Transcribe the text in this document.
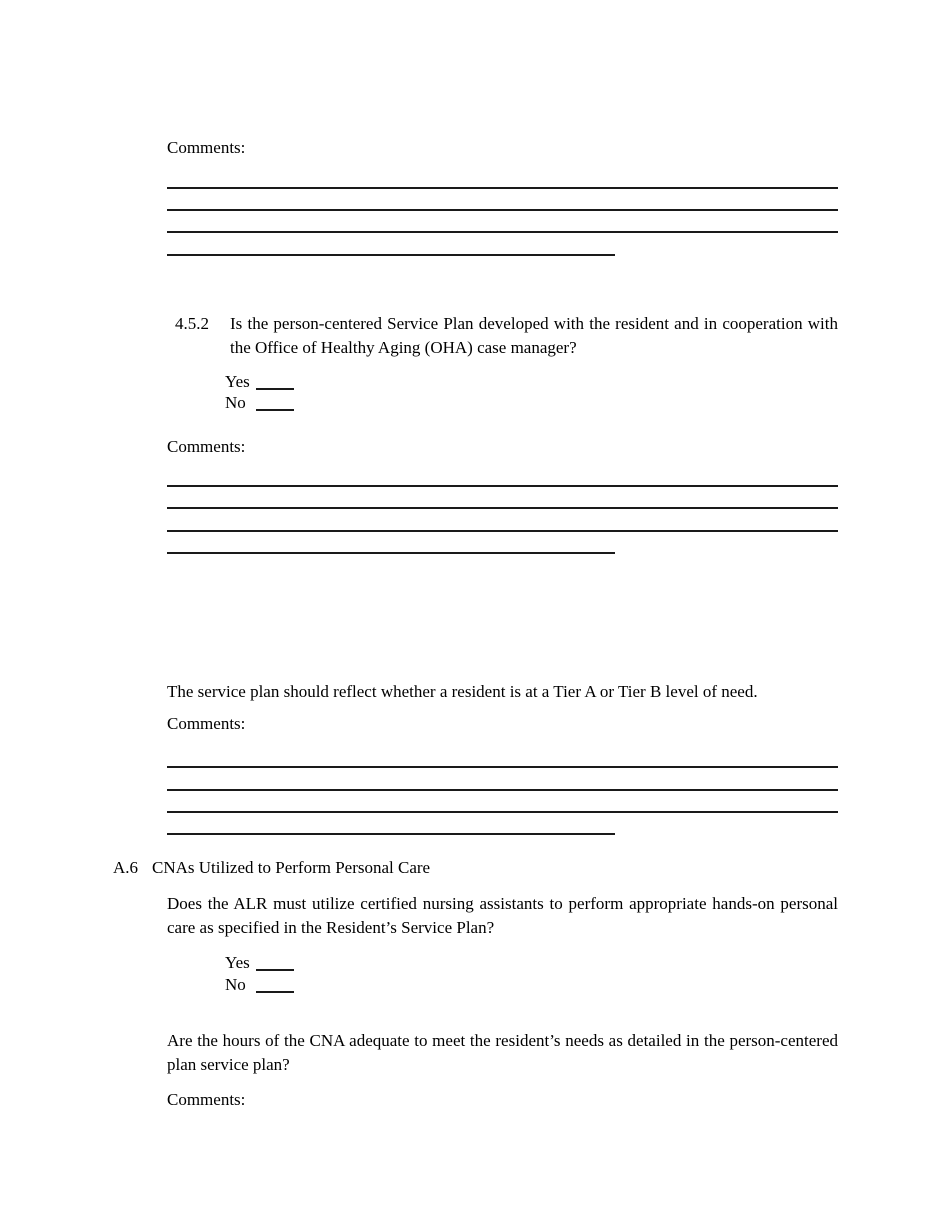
Comments:
4.5.2	Is the person-centered Service Plan developed with the resident and in cooperation with the Office of Healthy Aging (OHA) case manager?
Yes
No
Comments:
The service plan should reflect whether a resident is at a Tier A or Tier B level of need.
Comments:
A.6 CNAs Utilized to Perform Personal Care
Does the ALR must utilize certified nursing assistants to perform appropriate hands-on personal care as specified in the Resident’s Service Plan?
Yes
No
Are the hours of the CNA adequate to meet the resident’s needs as detailed in the person-centered plan service plan?
Comments:
